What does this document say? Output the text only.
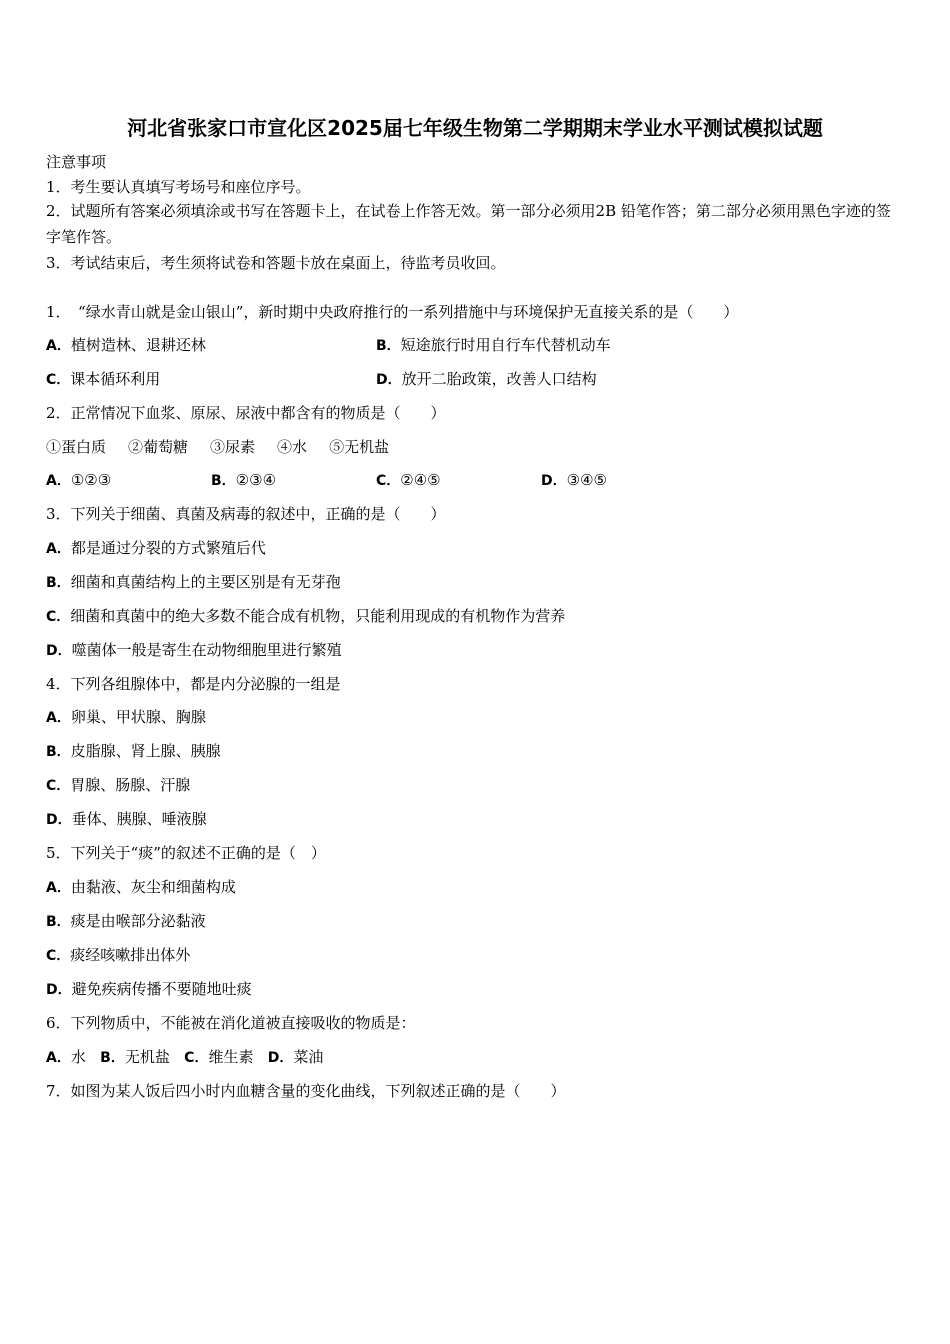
河北省张家口市宣化区2025届七年级生物第二学期期末学业水平测试模拟试题
注意事项
1．考生要认真填写考场号和座位序号。
2．试题所有答案必须填涂或书写在答题卡上，在试卷上作答无效。第一部分必须用2B 铅笔作答；第二部分必须用黑色字迹的签字笔作答。
3．考试结束后，考生须将试卷和答题卡放在桌面上，待监考员收回。
1．　“绿水青山就是金山银山”，新时期中央政府推行的一系列措施中与环境保护无直接关系的是（　　）
A．植树造林、退耕还林	B．短途旅行时用自行车代替机动车
C．课本循环利用	D．放开二胎政策，改善人口结构
2．正常情况下血浆、原尿、尿液中都含有的物质是（　　）
①蛋白质 ②葡萄糖 ③尿素 ④水 ⑤无机盐
A．①②③	B．②③④	C．②④⑤	D．③④⑤
3．下列关于细菌、真菌及病毒的叙述中，正确的是（　　）
A．都是通过分裂的方式繁殖后代
B．细菌和真菌结构上的主要区别是有无芽孢
C．细菌和真菌中的绝大多数不能合成有机物，只能利用现成的有机物作为营养
D．噬菌体一般是寄生在动物细胞里进行繁殖
4．下列各组腺体中，都是内分泌腺的一组是
A．卵巢、甲状腺、胸腺
B．皮脂腺、肾上腺、胰腺
C．胃腺、肠腺、汗腺
D．垂体、胰腺、唾液腺
5．下列关于“痰”的叙述不正确的是（　）
A．由黏液、灰尘和细菌构成
B．痰是由喉部分泌黏液
C．痰经咳嗽排出体外
D．避免疾病传播不要随地吐痰
6．下列物质中，不能被在消化道被直接吸收的物质是：
A．水 B．无机盐 C．维生素 D．菜油
7．如图为某人饭后四小时内血糖含量的变化曲线，下列叙述正确的是（　　）
